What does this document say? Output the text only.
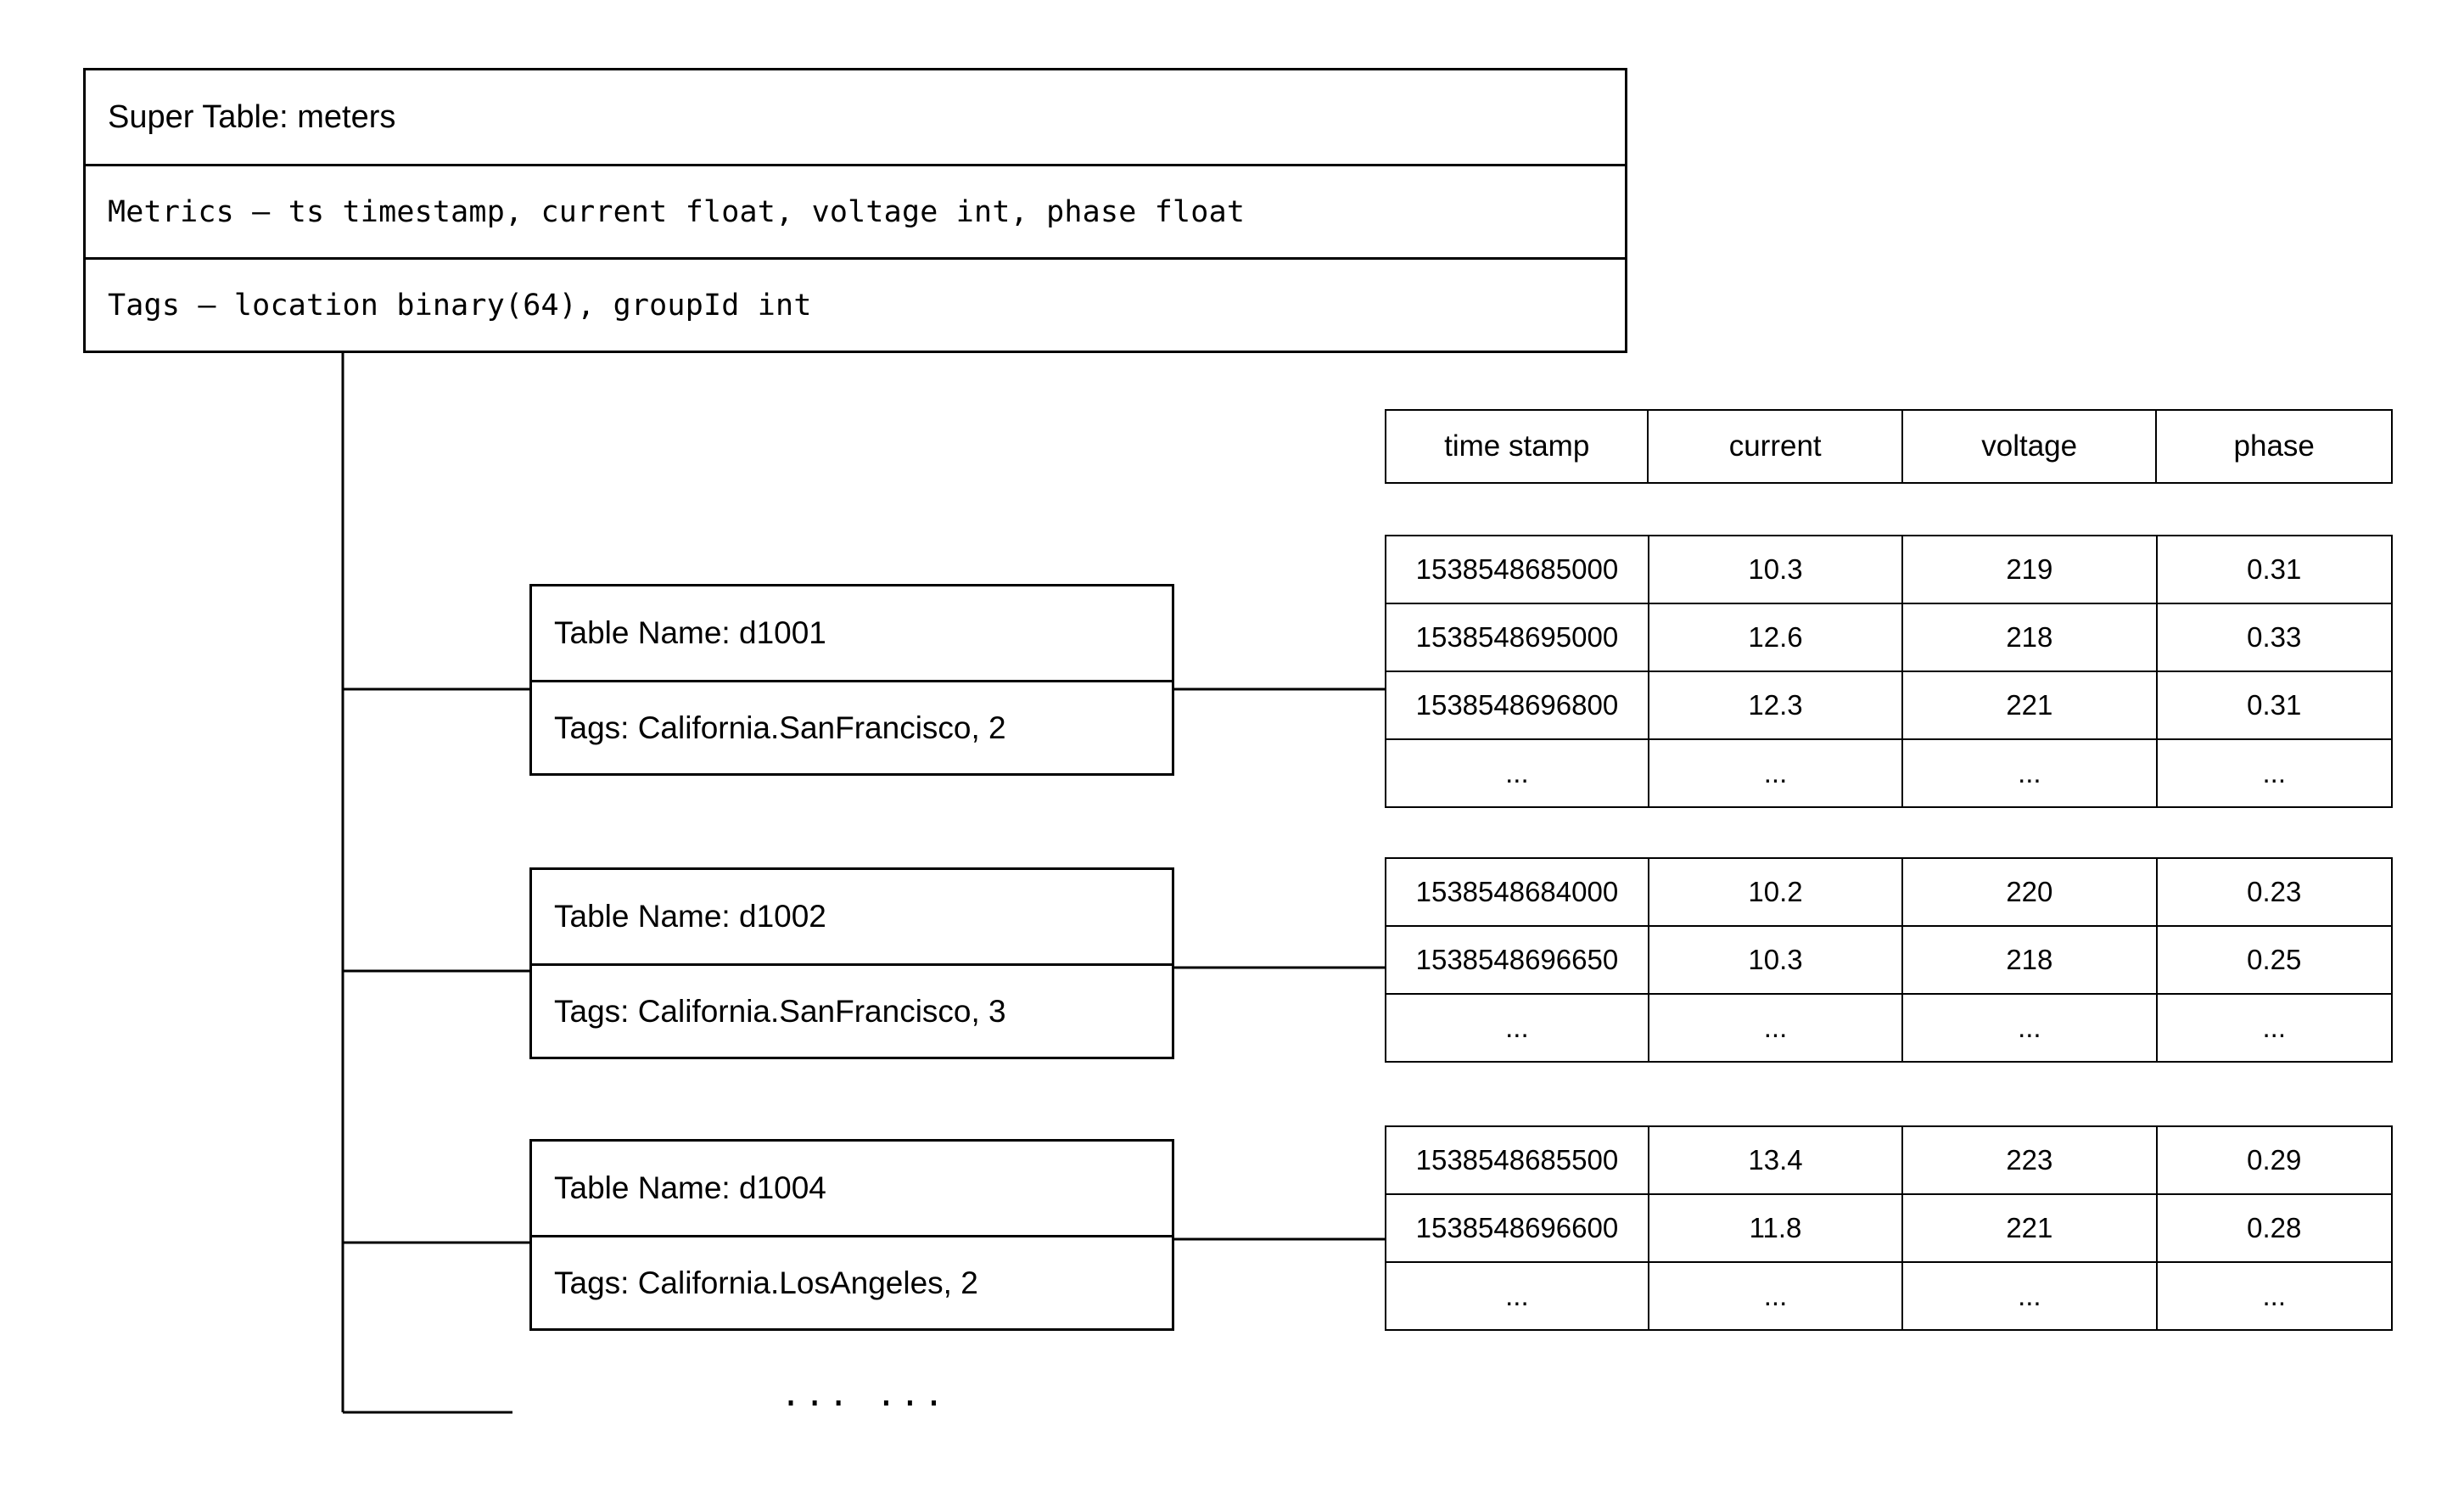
Super Table: meters
Metrics — ts timestamp, current float, voltage int, phase float
Tags — location binary(64), groupId int
time stamp	current	voltage	phase
Table Name: d1001
Tags: California.SanFrancisco, 2
1538548685000	10.3	219	0.31
1538548695000	12.6	218	0.33
1538548696800	12.3	221	0.31
...	...	...	...
Table Name: d1002
Tags: California.SanFrancisco, 3
1538548684000	10.2	220	0.23
1538548696650	10.3	218	0.25
...	...	...	...
Table Name: d1004
Tags: California.LosAngeles, 2
1538548685500	13.4	223	0.29
1538548696600	11.8	221	0.28
...	...	...	...
... ...
